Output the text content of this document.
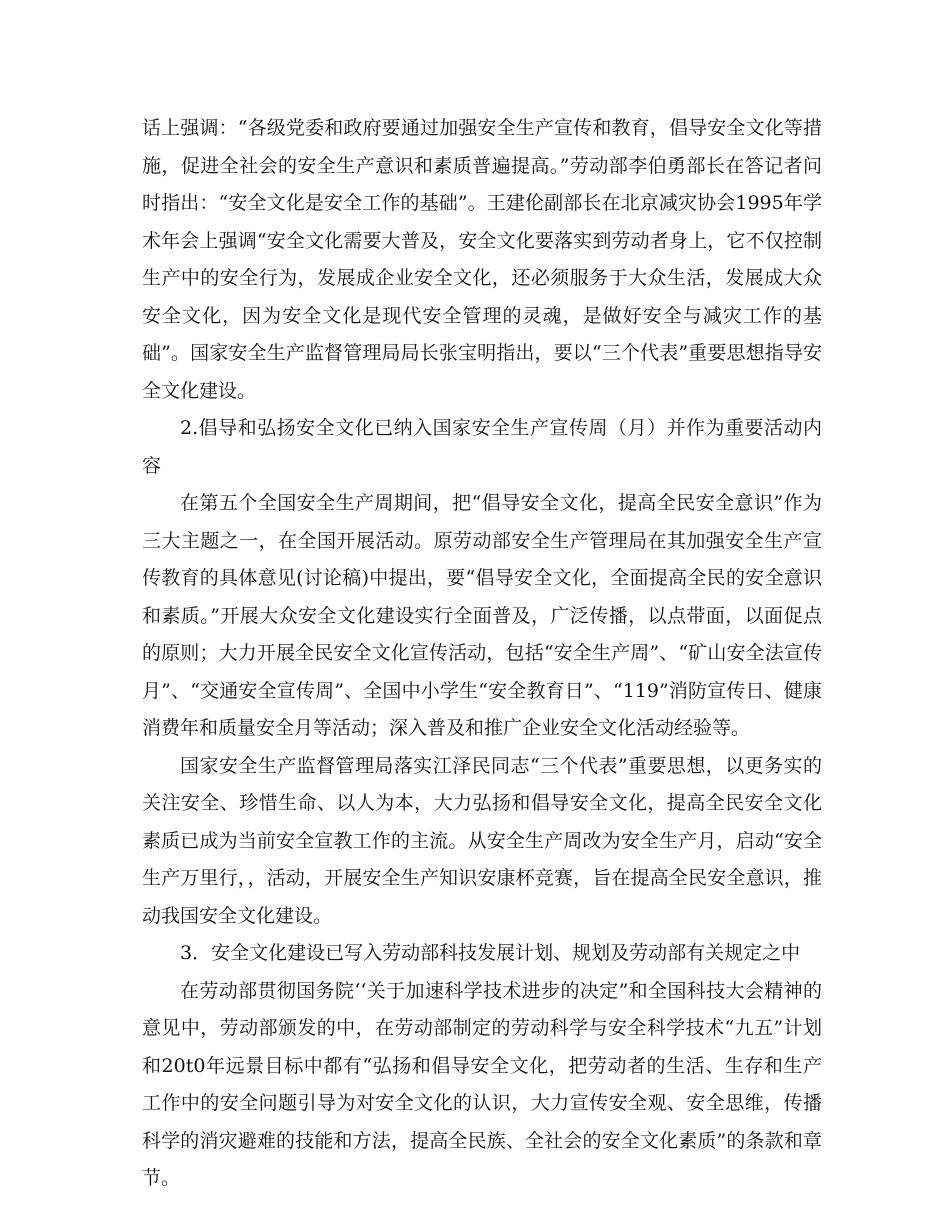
话上强调：“各级党委和政府要通过加强安全生产宣传和教育，倡导安全文化等措施，促进全社会的安全生产意识和素质普遍提高。”劳动部李伯勇部长在答记者问时指出：“安全文化是安全工作的基础”。王建伦副部长在北京减灾协会1995年学术年会上强调“安全文化需要大普及，安全文化要落实到劳动者身上，它不仅控制生产中的安全行为，发展成企业安全文化，还必须服务于大众生活，发展成大众安全文化，因为安全文化是现代安全管理的灵魂，是做好安全与减灾工作的基础”。国家安全生产监督管理局局长张宝明指出，要以“三个代表”重要思想指导安全文化建设。

2.倡导和弘扬安全文化已纳入国家安全生产宣传周（月）并作为重要活动内容

在第五个全国安全生产周期间，把“倡导安全文化，提高全民安全意识”作为三大主题之一，在全国开展活动。原劳动部安全生产管理局在其加强安全生产宣传教育的具体意见(讨论稿)中提出，要“倡导安全文化，全面提高全民的安全意识和素质。”开展大众安全文化建设实行全面普及，广泛传播，以点带面，以面促点的原则；大力开展全民安全文化宣传活动，包括“安全生产周”、“矿山安全法宣传月”、“交通安全宣传周”、全国中小学生“安全教育日”、“119”消防宣传日、健康消费年和质量安全月等活动；深入普及和推广企业安全文化活动经验等。

国家安全生产监督管理局落实江泽民同志“三个代表”重要思想，以更务实的关注安全、珍惜生命、以人为本，大力弘扬和倡导安全文化，提高全民安全文化素质已成为当前安全宣教工作的主流。从安全生产周改为安全生产月，启动“安全生产万里行，，活动，开展安全生产知识安康杯竞赛，旨在提高全民安全意识，推动我国安全文化建设。

3．安全文化建设已写入劳动部科技发展计划、规划及劳动部有关规定之中

在劳动部贯彻国务院‘‘关于加速科学技术进步的决定”和全国科技大会精神的意见中，劳动部颁发的中，在劳动部制定的劳动科学与安全科学技术“九五”计划和20t0年远景目标中都有“弘扬和倡导安全文化，把劳动者的生活、生存和生产工作中的安全问题引导为对安全文化的认识，大力宣传安全观、安全思维，传播科学的消灾避难的技能和方法，提高全民族、全社会的安全文化素质”的条款和章节。
